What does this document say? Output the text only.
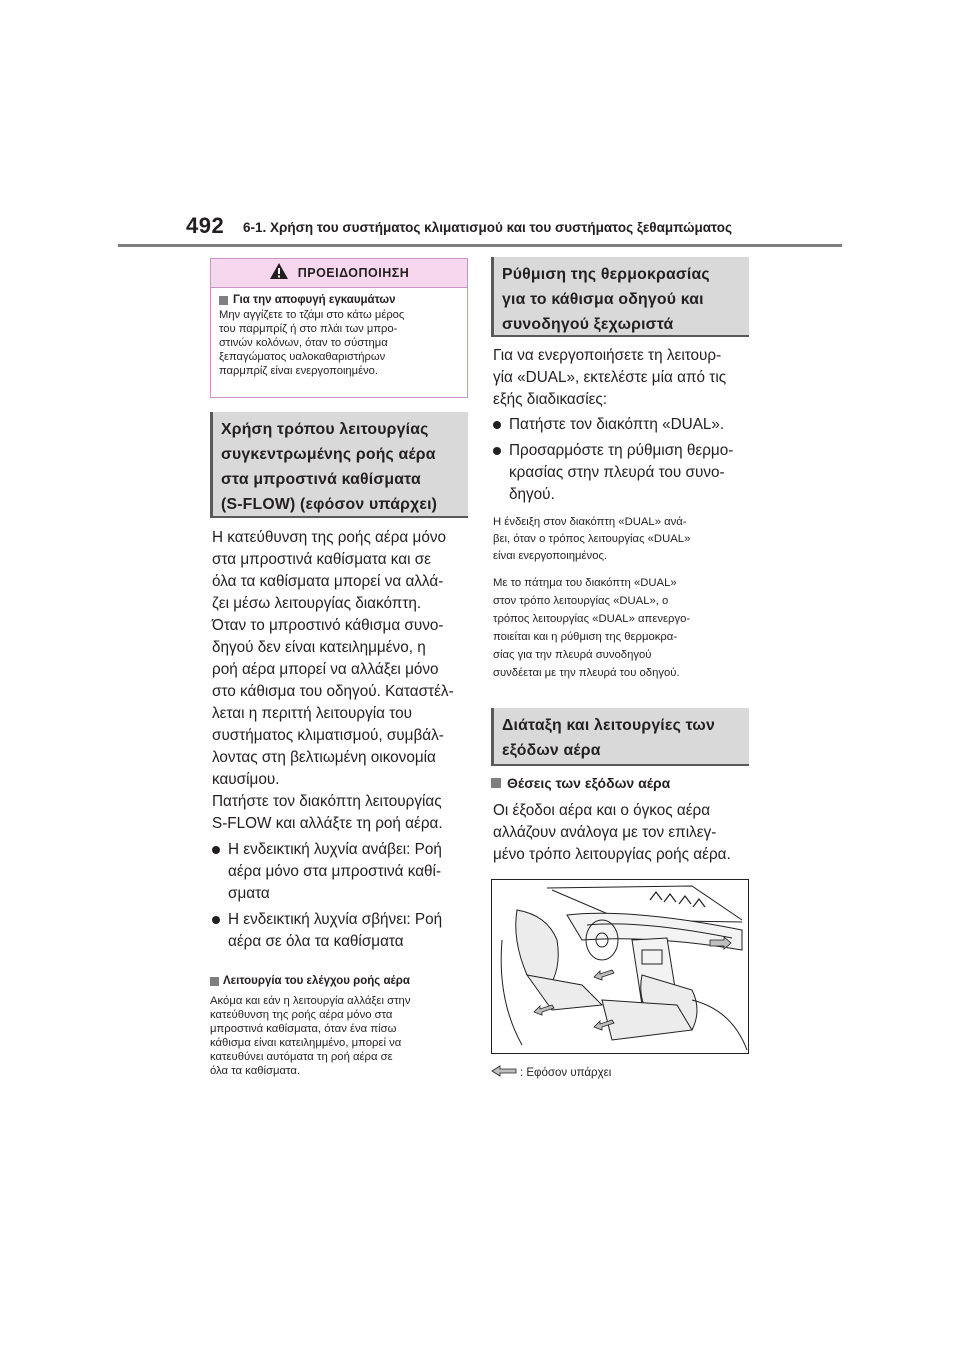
492 6-1. Χρήση του συστήματος κλιματισμού και του συστήματος ξεθαμπώματος
ΠΡΟΕΙΔΟΠΟΙΗΣΗ
Για την αποφυγή εγκαυμάτων
Μην αγγίζετε το τζάμι στο κάτω μέρος
του παρμπρίζ ή στο πλάι των μπρο-
στινών κολόνων, όταν το σύστημα
ξεπαγώματος υαλοκαθαριστήρων
παρμπρίζ είναι ενεργοποιημένο.
Χρήση τρόπου λειτουργίας
συγκεντρωμένης ροής αέρα
στα μπροστινά καθίσματα
(S-FLOW) (εφόσον υπάρχει)
Η κατεύθυνση της ροής αέρα μόνο
στα μπροστινά καθίσματα και σε
όλα τα καθίσματα μπορεί να αλλά-
ζει μέσω λειτουργίας διακόπτη.
Όταν το μπροστινό κάθισμα συνο-
δηγού δεν είναι κατειλημμένο, η
ροή αέρα μπορεί να αλλάξει μόνο
στο κάθισμα του οδηγού. Καταστέλ-
λεται η περιττή λειτουργία του
συστήματος κλιματισμού, συμβάλ-
λοντας στη βελτιωμένη οικονομία
καυσίμου.
Πατήστε τον διακόπτη λειτουργίας
S-FLOW και αλλάξτε τη ροή αέρα.
Η ενδεικτική λυχνία ανάβει: Ροή
αέρα μόνο στα μπροστινά καθί-
σματα
Η ενδεικτική λυχνία σβήνει: Ροή
αέρα σε όλα τα καθίσματα
Λειτουργία του ελέγχου ροής αέρα
Ακόμα και εάν η λειτουργία αλλάξει στην
κατεύθυνση της ροής αέρα μόνο στα
μπροστινά καθίσματα, όταν ένα πίσω
κάθισμα είναι κατειλημμένο, μπορεί να
κατευθύνει αυτόματα τη ροή αέρα σε
όλα τα καθίσματα.
Ρύθμιση της θερμοκρασίας
για το κάθισμα οδηγού και
συνοδηγού ξεχωριστά
Για να ενεργοποιήσετε τη λειτουρ-
γία «DUAL», εκτελέστε μία από τις
εξής διαδικασίες:
Πατήστε τον διακόπτη «DUAL».
Προσαρμόστε τη ρύθμιση θερμο-
κρασίας στην πλευρά του συνο-
δηγού.
Η ένδειξη στον διακόπτη «DUAL» ανά-
βει, όταν ο τρόπος λειτουργίας «DUAL»
είναι ενεργοποιημένος.
Με το πάτημα του διακόπτη «DUAL»
στον τρόπο λειτουργίας «DUAL», ο
τρόπος λειτουργίας «DUAL» απενεργο-
ποιείται και η ρύθμιση της θερμοκρα-
σίας για την πλευρά συνοδηγού
συνδέεται με την πλευρά του οδηγού.
Διάταξη και λειτουργίες των
εξόδων αέρα
Θέσεις των εξόδων αέρα
Οι έξοδοι αέρα και ο όγκος αέρα
αλλάζουν ανάλογα με τον επιλεγ-
μένο τρόπο λειτουργίας ροής αέρα.
: Εφόσον υπάρχει
